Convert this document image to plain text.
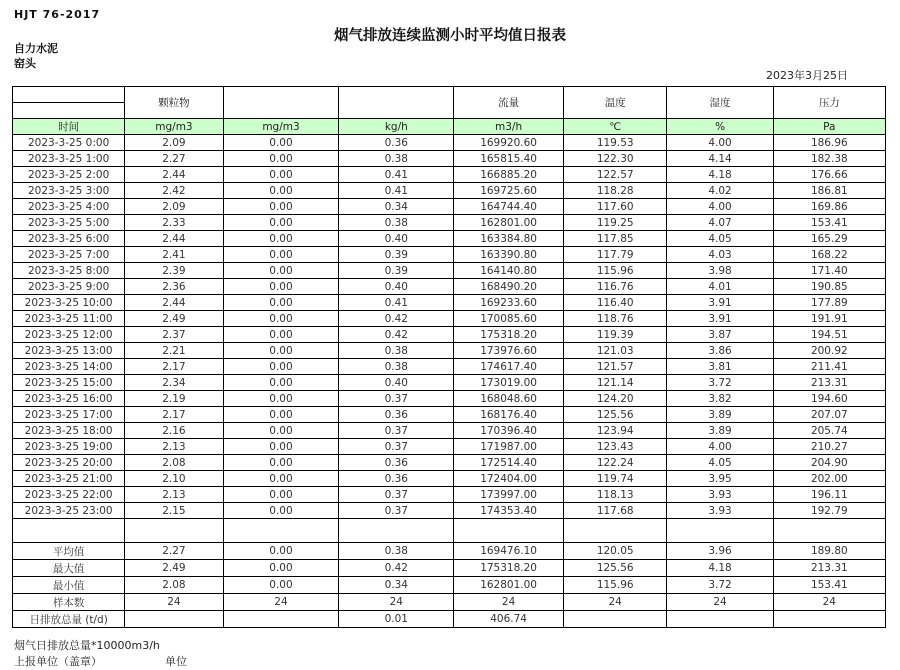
HJT 76-2017
烟气排放连续监测小时平均值日报表
自力水泥
窑头
2023年3月25日
	颗粒物			流量	温度	湿度	压力
时间	mg/m3	mg/m3	kg/h	m3/h	℃	%	Pa
2023-3-25 0:00	2.09	0.00	0.36	169920.60	119.53	4.00	186.96
2023-3-25 1:00	2.27	0.00	0.38	165815.40	122.30	4.14	182.38
2023-3-25 2:00	2.44	0.00	0.41	166885.20	122.57	4.18	176.66
2023-3-25 3:00	2.42	0.00	0.41	169725.60	118.28	4.02	186.81
2023-3-25 4:00	2.09	0.00	0.34	164744.40	117.60	4.00	169.86
2023-3-25 5:00	2.33	0.00	0.38	162801.00	119.25	4.07	153.41
2023-3-25 6:00	2.44	0.00	0.40	163384.80	117.85	4.05	165.29
2023-3-25 7:00	2.41	0.00	0.39	163390.80	117.79	4.03	168.22
2023-3-25 8:00	2.39	0.00	0.39	164140.80	115.96	3.98	171.40
2023-3-25 9:00	2.36	0.00	0.40	168490.20	116.76	4.01	190.85
2023-3-25 10:00	2.44	0.00	0.41	169233.60	116.40	3.91	177.89
2023-3-25 11:00	2.49	0.00	0.42	170085.60	118.76	3.91	191.91
2023-3-25 12:00	2.37	0.00	0.42	175318.20	119.39	3.87	194.51
2023-3-25 13:00	2.21	0.00	0.38	173976.60	121.03	3.86	200.92
2023-3-25 14:00	2.17	0.00	0.38	174617.40	121.57	3.81	211.41
2023-3-25 15:00	2.34	0.00	0.40	173019.00	121.14	3.72	213.31
2023-3-25 16:00	2.19	0.00	0.37	168048.60	124.20	3.82	194.60
2023-3-25 17:00	2.17	0.00	0.36	168176.40	125.56	3.89	207.07
2023-3-25 18:00	2.16	0.00	0.37	170396.40	123.94	3.89	205.74
2023-3-25 19:00	2.13	0.00	0.37	171987.00	123.43	4.00	210.27
2023-3-25 20:00	2.08	0.00	0.36	172514.40	122.24	4.05	204.90
2023-3-25 21:00	2.10	0.00	0.36	172404.00	119.74	3.95	202.00
2023-3-25 22:00	2.13	0.00	0.37	173997.00	118.13	3.93	196.11
2023-3-25 23:00	2.15	0.00	0.37	174353.40	117.68	3.93	192.79

平均值	2.27	0.00	0.38	169476.10	120.05	3.96	189.80
最大值	2.49	0.00	0.42	175318.20	125.56	4.18	213.31
最小值	2.08	0.00	0.34	162801.00	115.96	3.72	153.41
样本数	24	24	24	24	24	24	24
日排放总量 (t/d)			0.01	406.74			
烟气日排放总量*10000m3/h
上报单位（盖章）	单位
